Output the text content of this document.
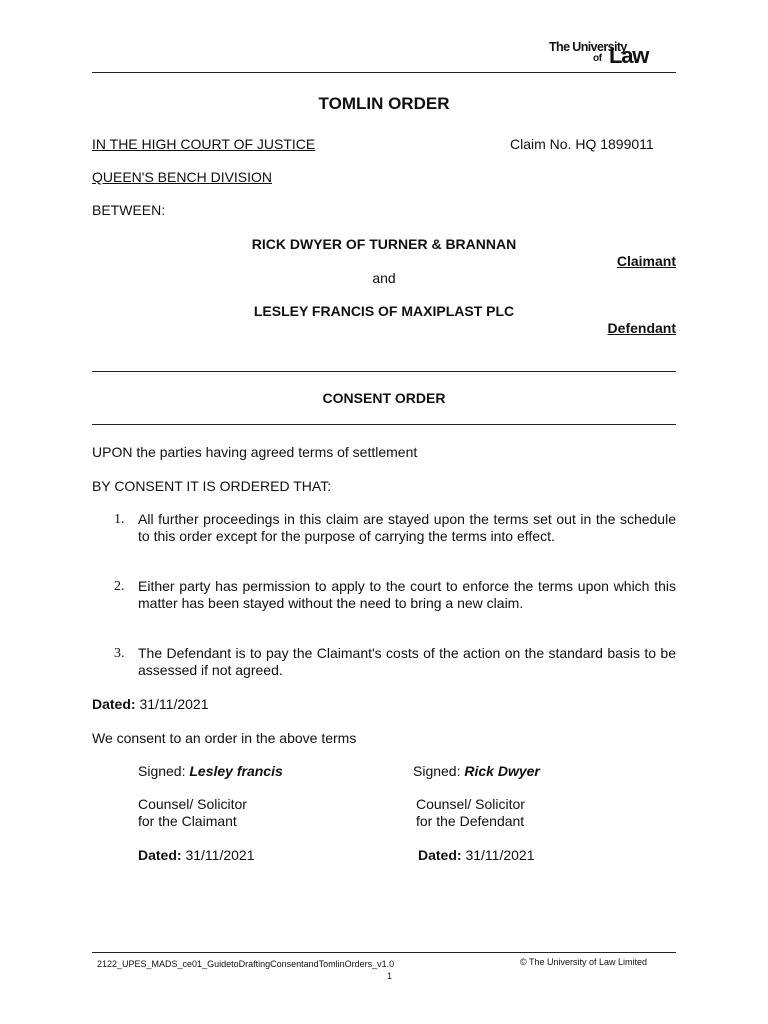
The University
of Law
TOMLIN ORDER
IN THE HIGH COURT OF JUSTICE	Claim No. HQ 1899011
QUEEN'S BENCH DIVISION
BETWEEN:
RICK DWYER OF TURNER & BRANNAN
Claimant
and
LESLEY FRANCIS OF MAXIPLAST PLC
Defendant
CONSENT ORDER
UPON the parties having agreed terms of settlement
BY CONSENT IT IS ORDERED THAT:
1. All further proceedings in this claim are stayed upon the terms set out in the schedule to this order except for the purpose of carrying the terms into effect.
2. Either party has permission to apply to the court to enforce the terms upon which this matter has been stayed without the need to bring a new claim.
3. The Defendant is to pay the Claimant's costs of the action on the standard basis to be assessed if not agreed.
Dated: 31/11/2021
We consent to an order in the above terms
Signed: Lesley francis
Counsel/ Solicitor
for the Claimant
Dated: 31/11/2021
Signed: Rick Dwyer
Counsel/ Solicitor
for the Defendant
Dated: 31/11/2021
2122_UPES_MADS_ce01_GuidetoDraftingConsentandTomlinOrders_v1.0
1
© The University of Law Limited
